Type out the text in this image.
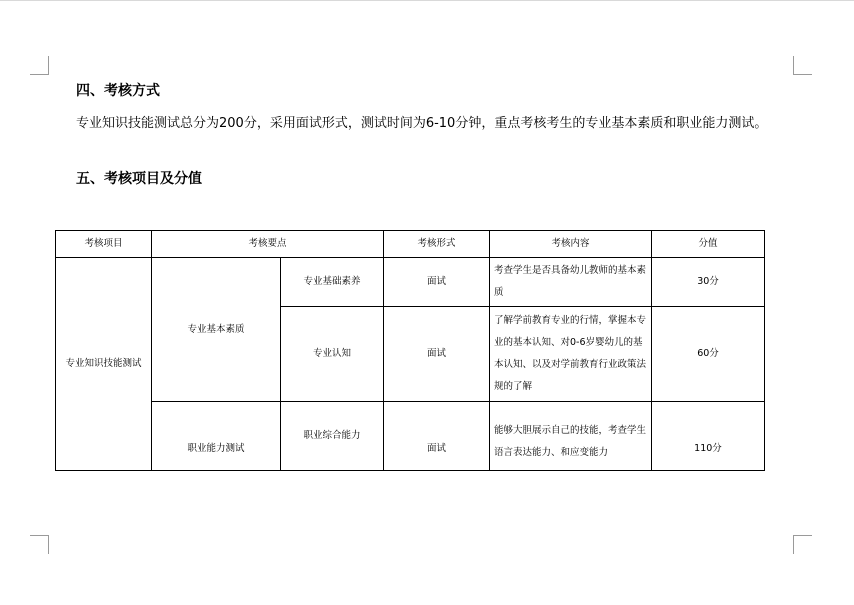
四、考核方式
专业知识技能测试总分为200分，采用面试形式，测试时间为6-10分钟，重点考核考生的专业基本素质和职业能力测试。
五、考核项目及分值
考核项目	考核要点		考核形式	考核内容	分值
专业知识技能测试	专业基本素质	专业基础素养	面试	考查学生是否具备幼儿教师的基本素质	30分
		专业认知	面试	了解学前教育专业的行情，掌握本专业的基本认知、对0-6岁婴幼儿的基本认知、以及对学前教育行业政策法规的了解	60分
	职业能力测试	职业综合能力	面试	能够大胆展示自己的技能，考查学生语言表达能力、和应变能力	110分
